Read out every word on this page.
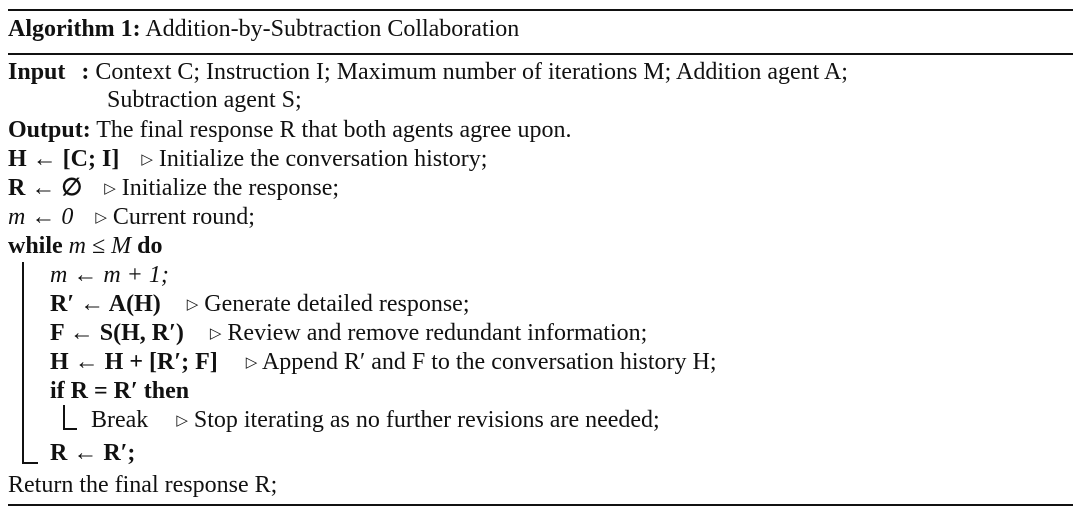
Algorithm 1: Addition-by-Subtraction Collaboration
Input : Context C; Instruction I; Maximum number of iterations M; Addition agent A;
Subtraction agent S;
Output: The final response R that both agents agree upon.
H ← [C; I] ▷ Initialize the conversation history;
R ← ∅ ▷ Initialize the response;
m ← 0 ▷ Current round;
while m ≤ M do
m ← m + 1;
R′ ← A(H) ▷ Generate detailed response;
F ← S(H, R′) ▷ Review and remove redundant information;
H ← H + [R′; F] ▷ Append R′ and F to the conversation history H;
if R = R′ then
Break ▷ Stop iterating as no further revisions are needed;
R ← R′;
Return the final response R;
